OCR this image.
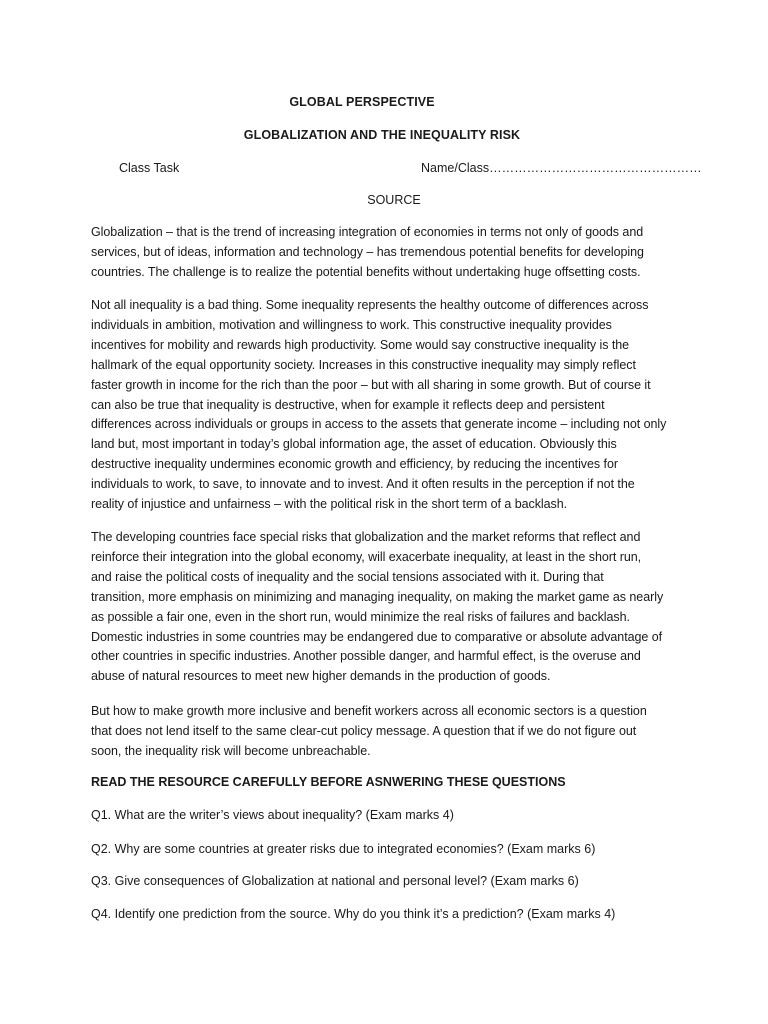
GLOBAL PERSPECTIVE
GLOBALIZATION AND THE INEQUALITY RISK
Class Task	Name/Class……………………………………………
SOURCE
Globalization – that is the trend of increasing integration of economies in terms not only of goods and
services, but of ideas, information and technology – has tremendous potential benefits for developing
countries. The challenge is to realize the potential benefits without undertaking huge offsetting costs.
Not all inequality is a bad thing. Some inequality represents the healthy outcome of differences across
individuals in ambition, motivation and willingness to work. This constructive inequality provides
incentives for mobility and rewards high productivity. Some would say constructive inequality is the
hallmark of the equal opportunity society. Increases in this constructive inequality may simply reflect
faster growth in income for the rich than the poor – but with all sharing in some growth. But of course it
can also be true that inequality is destructive, when for example it reflects deep and persistent
differences across individuals or groups in access to the assets that generate income – including not only
land but, most important in today’s global information age, the asset of education. Obviously this
destructive inequality undermines economic growth and efficiency, by reducing the incentives for
individuals to work, to save, to innovate and to invest. And it often results in the perception if not the
reality of injustice and unfairness – with the political risk in the short term of a backlash.
The developing countries face special risks that globalization and the market reforms that reflect and
reinforce their integration into the global economy, will exacerbate inequality, at least in the short run,
and raise the political costs of inequality and the social tensions associated with it. During that
transition, more emphasis on minimizing and managing inequality, on making the market game as nearly
as possible a fair one, even in the short run, would minimize the real risks of failures and backlash.
Domestic industries in some countries may be endangered due to comparative or absolute advantage of
other countries in specific industries. Another possible danger, and harmful effect, is the overuse and
abuse of natural resources to meet new higher demands in the production of goods.
But how to make growth more inclusive and benefit workers across all economic sectors is a question
that does not lend itself to the same clear-cut policy message. A question that if we do not figure out
soon, the inequality risk will become unbreachable.
READ THE RESOURCE CAREFULLY BEFORE ASNWERING THESE QUESTIONS
Q1. What are the writer’s views about inequality? (Exam marks 4)
Q2. Why are some countries at greater risks due to integrated economies? (Exam marks 6)
Q3. Give consequences of Globalization at national and personal level? (Exam marks 6)
Q4. Identify one prediction from the source. Why do you think it’s a prediction? (Exam marks 4)
